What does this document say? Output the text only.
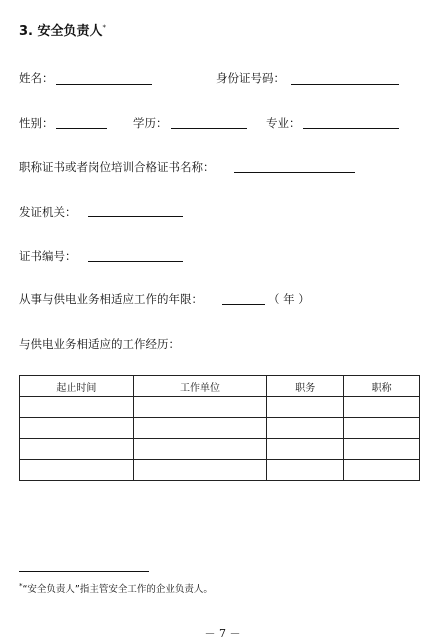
3. 安全负责人*
姓名：	身份证号码：
性别：	学历：	专业：
职称证书或者岗位培训合格证书名称：
发证机关：
证书编号：
从事与供电业务相适应工作的年限：	（ 年 ）
与供电业务相适应的工作经历：
起止时间	工作单位	职务	职称

*“安全负责人”指主管安全工作的企业负责人。
－ 7 －
